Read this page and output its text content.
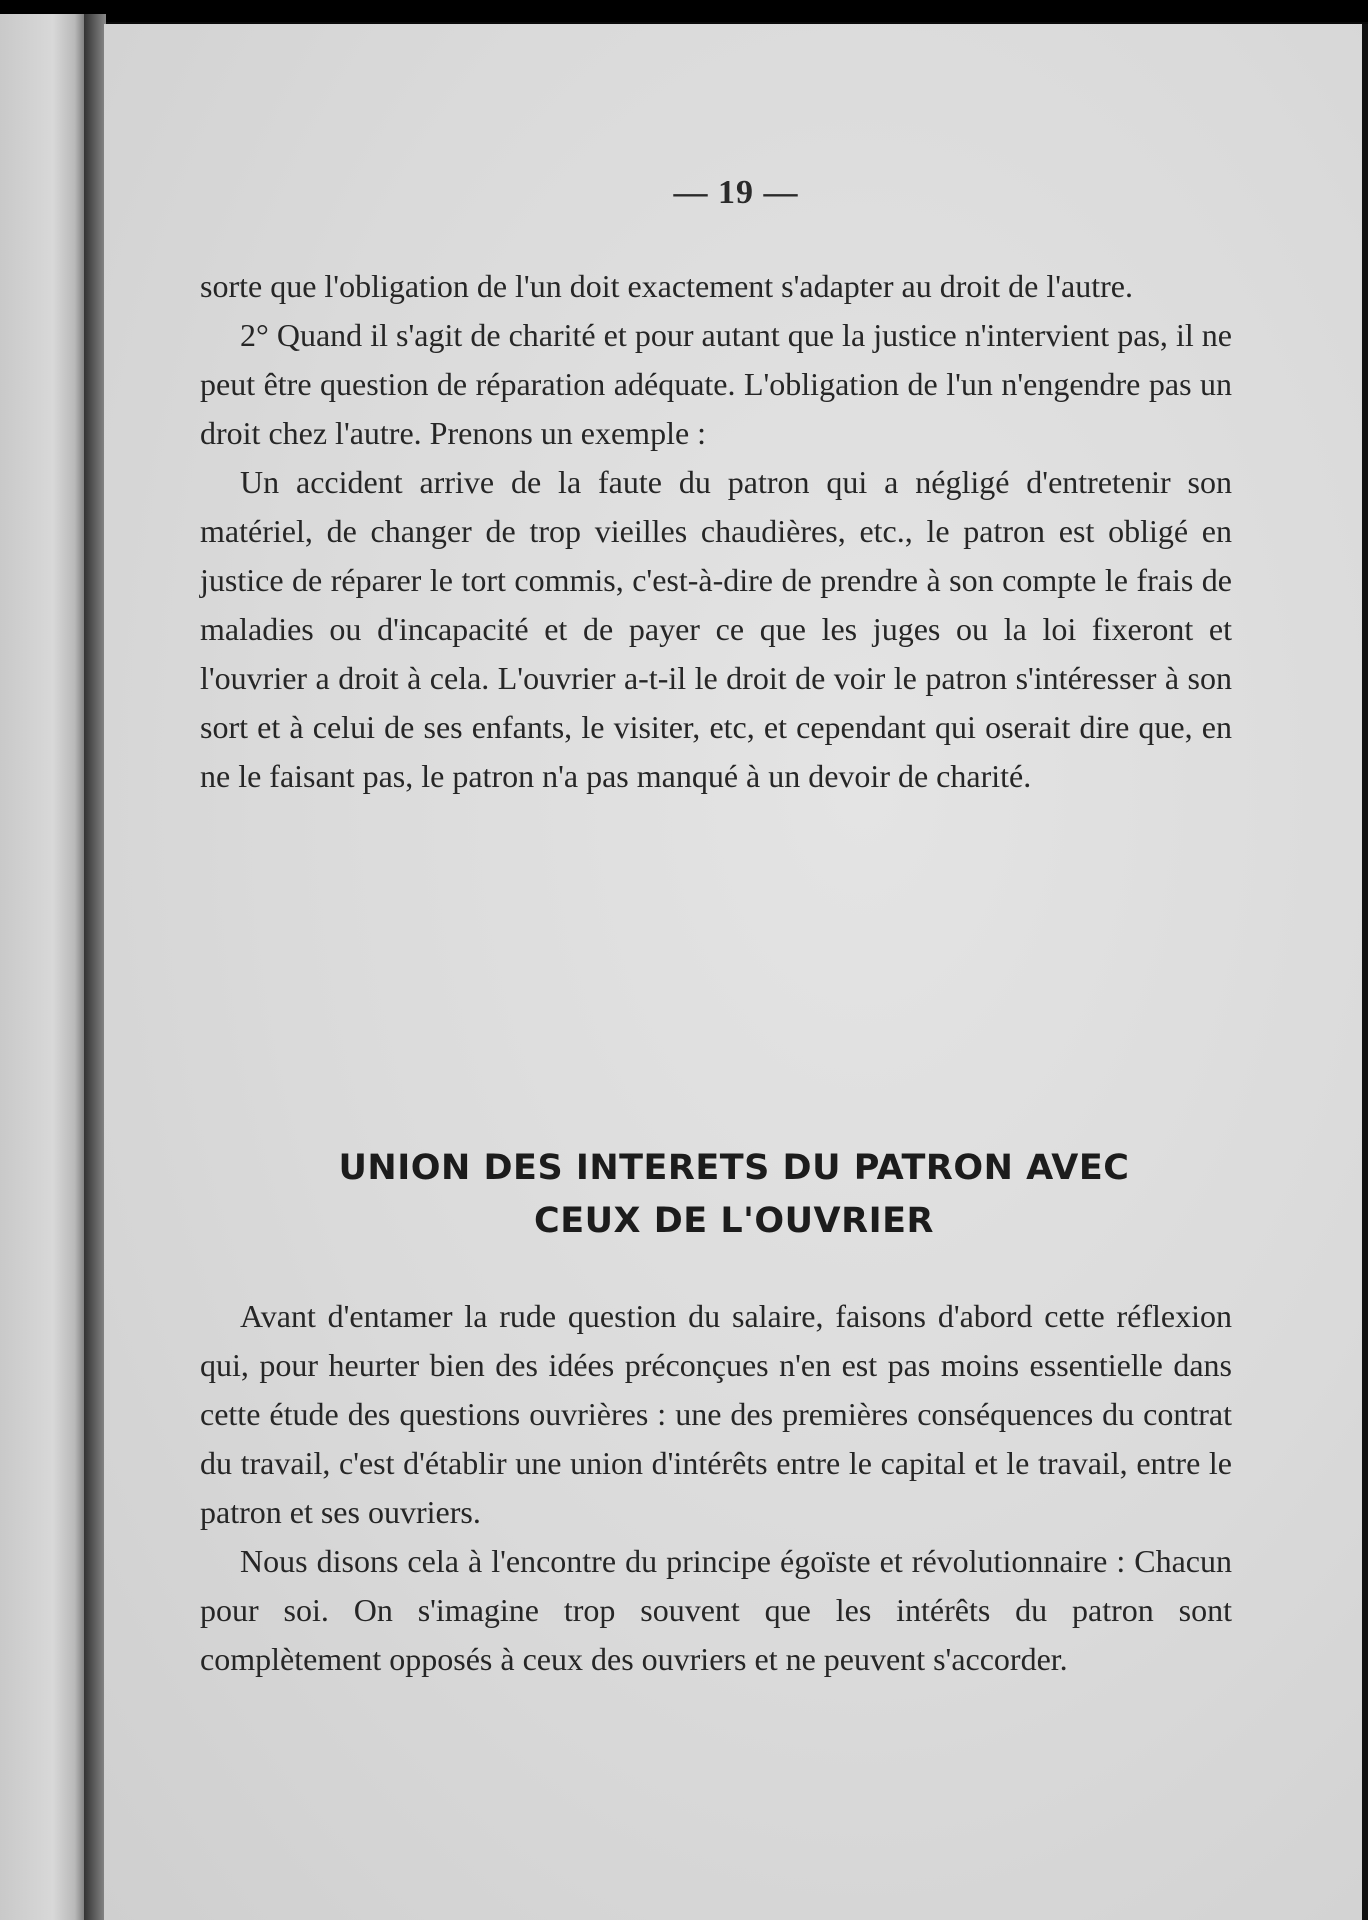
— 19 —

sorte que l'obligation de l'un doit exactement s'adapter au droit de l'autre.

2° Quand il s'agit de charité et pour autant que la justice n'intervient pas, il ne peut être question de réparation adéquate. L'obligation de l'un n'engendre pas un droit chez l'autre. Prenons un exemple :

Un accident arrive de la faute du patron qui a négligé d'entretenir son matériel, de changer de trop vieilles chaudières, etc., le patron est obligé en justice de réparer le tort commis, c'est-à-dire de prendre à son compte le frais de maladies ou d'incapacité et de payer ce que les juges ou la loi fixeront et l'ouvrier a droit à cela. L'ouvrier a-t-il le droit de voir le patron s'intéresser à son sort et à celui de ses enfants, le visiter, etc, et cependant qui oserait dire que, en ne le faisant pas, le patron n'a pas manqué à un devoir de charité.

UNION DES INTERETS DU PATRON AVEC
CEUX DE L'OUVRIER

Avant d'entamer la rude question du salaire, faisons d'abord cette réflexion qui, pour heurter bien des idées préconçues n'en est pas moins essentielle dans cette étude des questions ouvrières : une des premières conséquences du contrat du travail, c'est d'établir une union d'intérêts entre le capital et le travail, entre le patron et ses ouvriers.

Nous disons cela à l'encontre du principe égoïste et révolutionnaire : Chacun pour soi. On s'imagine trop souvent que les intérêts du patron sont complètement opposés à ceux des ouvriers et ne peuvent s'accorder.
